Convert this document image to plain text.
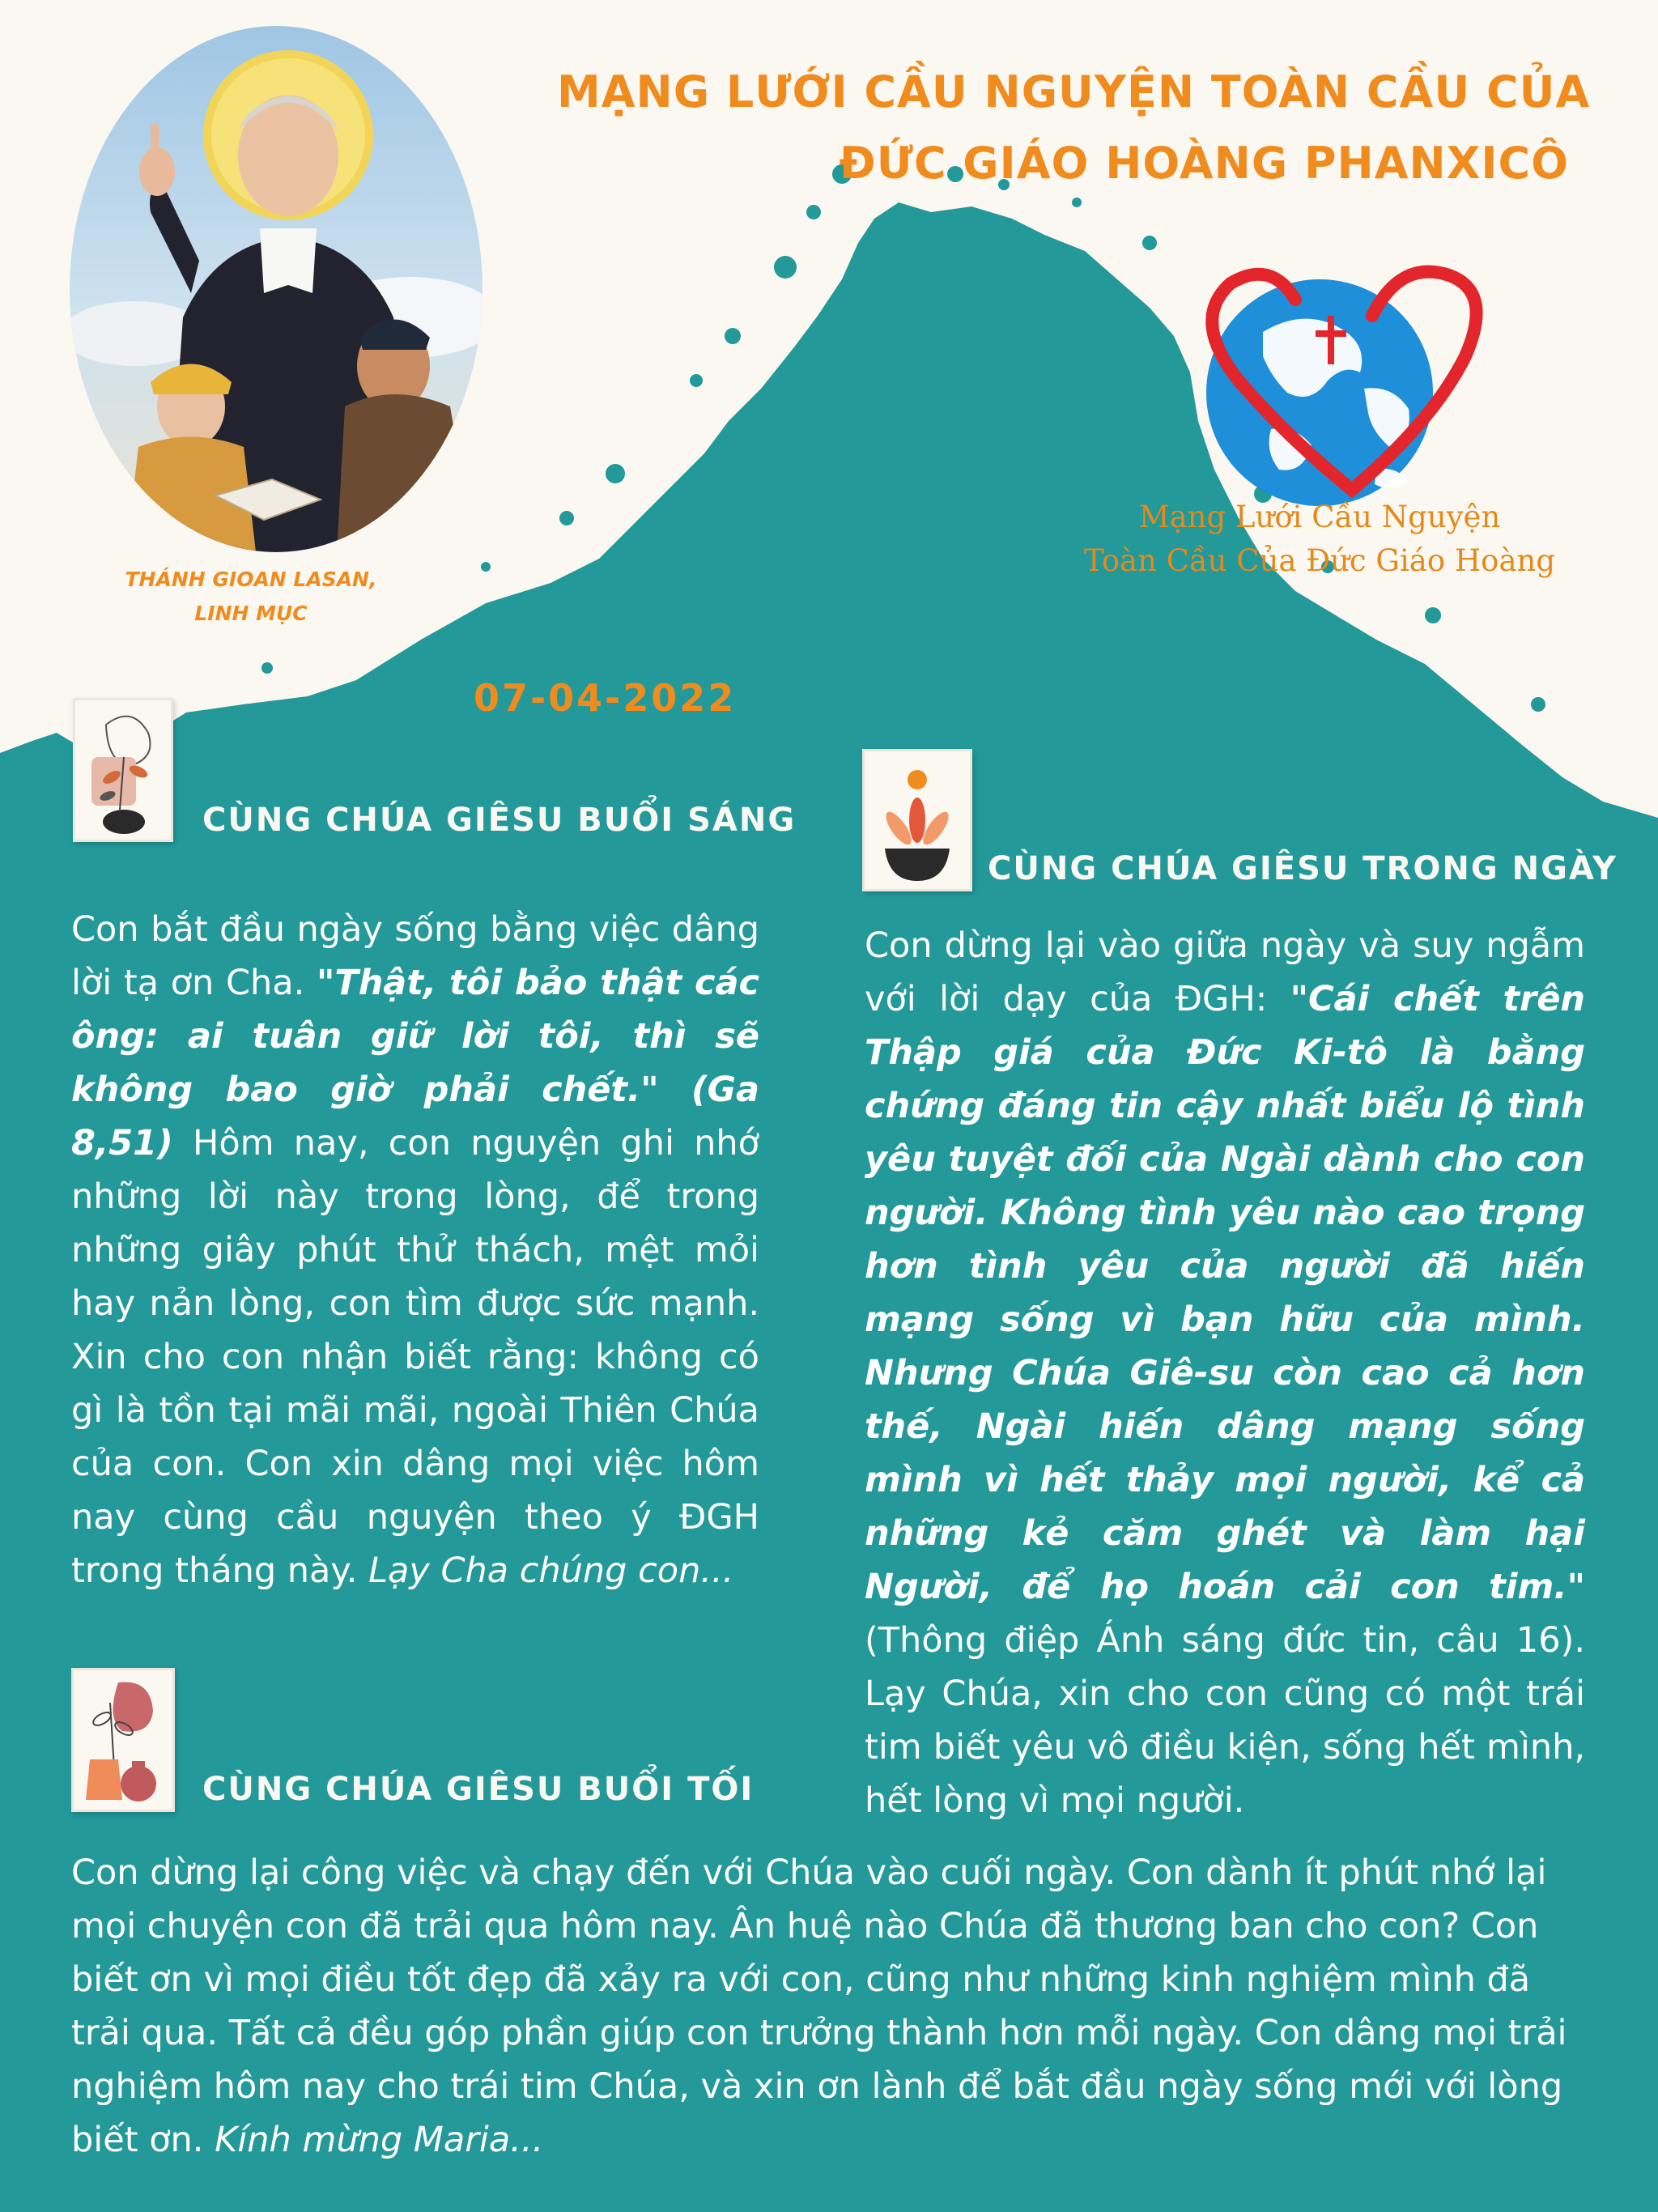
MẠNG LƯỚI CẦU NGUYỆN TOÀN CẦU CỦA
ĐỨC GIÁO HOÀNG PHANXICÔ
THÁNH GIOAN LASAN,
LINH MỤC
Mạng Lưới Cầu Nguyện
Toàn Cầu Của Đức Giáo Hoàng
07-04-2022
CÙNG CHÚA GIÊSU BUỔI SÁNG
Con bắt đầu ngày sống bằng việc dâng lời tạ ơn Cha. "Thật, tôi bảo thật các ông: ai tuân giữ lời tôi, thì sẽ không bao giờ phải chết." (Ga 8,51) Hôm nay, con nguyện ghi nhớ những lời này trong lòng, để trong những giây phút thử thách, mệt mỏi hay nản lòng, con tìm được sức mạnh. Xin cho con nhận biết rằng: không có gì là tồn tại mãi mãi, ngoài Thiên Chúa của con. Con xin dâng mọi việc hôm nay cùng cầu nguyện theo ý ĐGH trong tháng này. Lạy Cha chúng con...
CÙNG CHÚA GIÊSU TRONG NGÀY
Con dừng lại vào giữa ngày và suy ngẫm với lời dạy của ĐGH: "Cái chết trên Thập giá của Đức Ki-tô là bằng chứng đáng tin cậy nhất biểu lộ tình yêu tuyệt đối của Ngài dành cho con người. Không tình yêu nào cao trọng hơn tình yêu của người đã hiến mạng sống vì bạn hữu của mình. Nhưng Chúa Giê-su còn cao cả hơn thế, Ngài hiến dâng mạng sống mình vì hết thảy mọi người, kể cả những kẻ căm ghét và làm hại Người, để họ hoán cải con tim." (Thông điệp Ánh sáng đức tin, câu 16). Lạy Chúa, xin cho con cũng có một trái tim biết yêu vô điều kiện, sống hết mình, hết lòng vì mọi người.
CÙNG CHÚA GIÊSU BUỔI TỐI
Con dừng lại công việc và chạy đến với Chúa vào cuối ngày. Con dành ít phút nhớ lại mọi chuyện con đã trải qua hôm nay. Ân huệ nào Chúa đã thương ban cho con? Con biết ơn vì mọi điều tốt đẹp đã xảy ra với con, cũng như những kinh nghiệm mình đã trải qua. Tất cả đều góp phần giúp con trưởng thành hơn mỗi ngày. Con dâng mọi trải nghiệm hôm nay cho trái tim Chúa, và xin ơn lành để bắt đầu ngày sống mới với lòng biết ơn. Kính mừng Maria...
